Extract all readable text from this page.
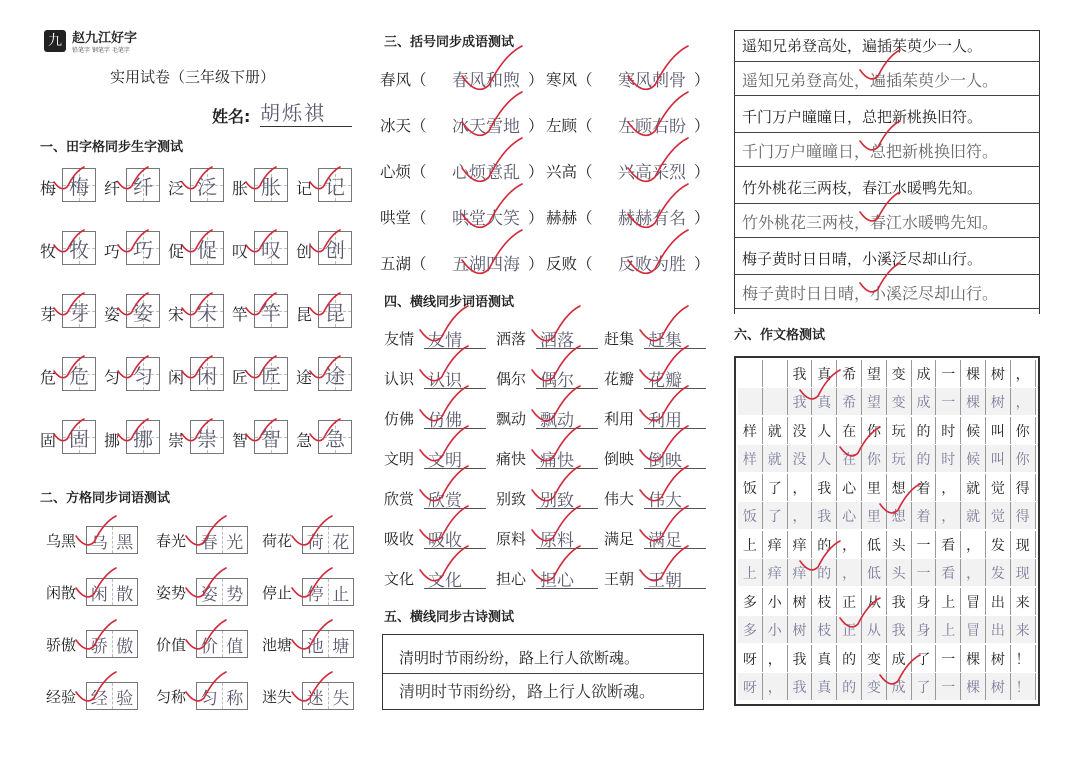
九 赵九江好字
铅笔字 钢笔字 毛笔字
实用试卷（三年级下册）
姓名: 胡烁祺
一、田字格同步生字测试
二、方格同步词语测试
三、括号同步成语测试
四、横线同步词语测试
五、横线同步古诗测试
六、作文格测试
梅 梅 纤 纤 泛 泛 胀 胀 记 记
牧 牧 巧 巧 促 促 叹 叹 创 创
芽 芽 姿 姿 宋 宋 竿 竿 昆 昆
危 危 匀 匀 闲 闲 匠 匠 途 途
固 固 挪 挪 崇 崇 智 智 急 急
乌黑 乌 黑 春光 春 光 荷花 荷 花
闲散 闲 散 姿势 姿 势 停止 停 止
骄傲 骄 傲 价值 价 值 池塘 池 塘
经验 经 验 匀称 匀 称 迷失 迷 失
春风（ 春风和煦 ） 寒风（ 寒风刺骨 ）
冰天（ 冰天雪地 ） 左顾（ 左顾右盼 ）
心烦（ 心烦意乱 ） 兴高（ 兴高采烈 ）
哄堂（ 哄堂大笑 ） 赫赫（ 赫赫有名 ）
五湖（ 五湖四海 ） 反败（ 反败为胜 ）
友情 友情	洒落 洒落	赶集 赶集
认识 认识	偶尔 偶尔	花瓣 花瓣
仿佛 仿佛	飘动 飘动	利用 利用
文明 文明	痛快 痛快	倒映 倒映
欣赏 欣赏	别致 别致	伟大 伟大
吸收 吸收	原料 原料	满足 满足
文化 文化	担心 担心	王朝 王朝
清明时节雨纷纷，路上行人欲断魂。
清明时节雨纷纷，路上行人欲断魂。
遥知兄弟登高处，遍插茱萸少一人。
遥知兄弟登高处，遍插茱萸少一人。
千门万户曈曈日，总把新桃换旧符。
千门万户曈曈日，总把新桃换旧符。
竹外桃花三两枝，春江水暖鸭先知。
竹外桃花三两枝，春江水暖鸭先知。
梅子黄时日日晴，小溪泛尽却山行。
梅子黄时日日晴，小溪泛尽却山行。
我 真 希 望 变 成 一 棵 树 ，
我 真 希 望 变 成 一 棵 树 ，
样 就 没 人 在 你 玩 的 时 候 叫 你
样 就 没 人 在 你 玩 的 时 候 叫 你
饭 了 ， 我 心 里 想 着 ， 就 觉 得
饭 了 ， 我 心 里 想 着 ， 就 觉 得
上 痒 痒 的 ， 低 头 一 看 ， 发 现
上 痒 痒 的 ， 低 头 一 看 ， 发 现
多 小 树 枝 正 从 我 身 上 冒 出 来
多 小 树 枝 正 从 我 身 上 冒 出 来
呀 ， 我 真 的 变 成 了 一 棵 树 ！
呀 ， 我 真 的 变 成 了 一 棵 树 ！
